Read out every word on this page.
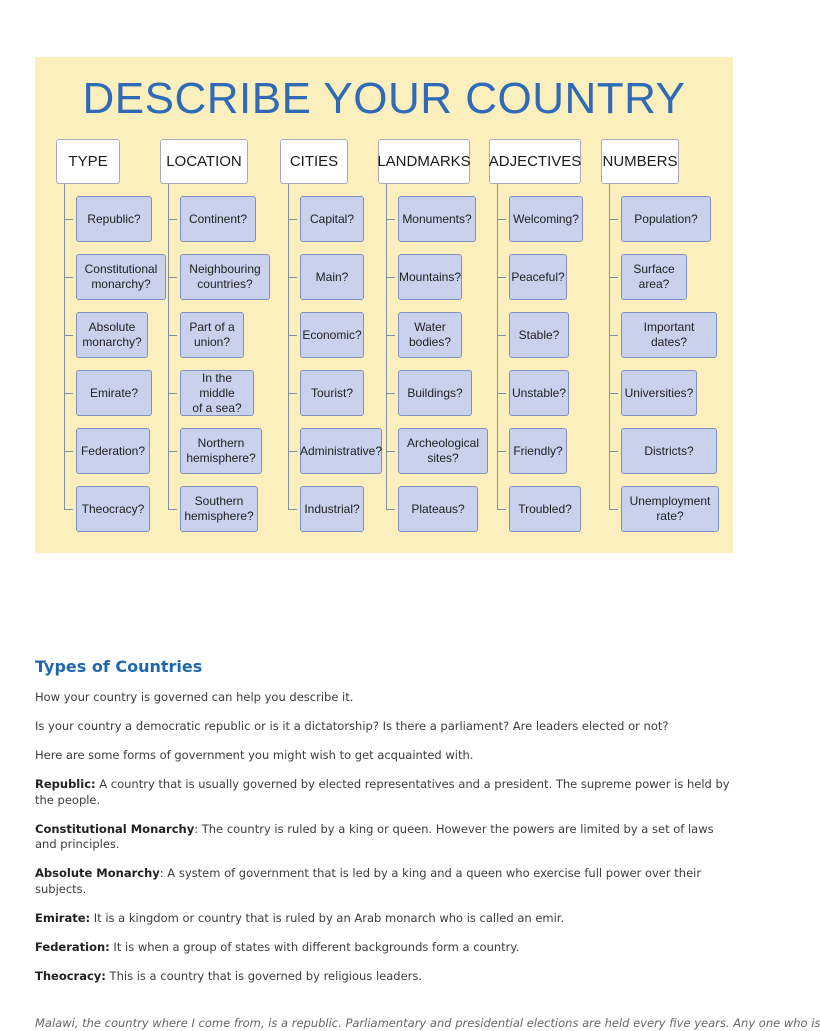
DESCRIBE YOUR COUNTRY
TYPE
Republic?
Constitutional
monarchy?
Absolute
monarchy?
Emirate?
Federation?
Theocracy?
LOCATION
Continent?
Neighbouring
countries?
Part of a
union?
In the middle
of a sea?
Northern
hemisphere?
Southern
hemisphere?
CITIES
Capital?
Main?
Economic?
Tourist?
Administrative?
Industrial?
LANDMARKS
Monuments?
Mountains?
Water
bodies?
Buildings?
Archeological
sites?
Plateaus?
ADJECTIVES
Welcoming?
Peaceful?
Stable?
Unstable?
Friendly?
Troubled?
NUMBERS
Population?
Surface
area?
Important dates?
Universities?
Districts?
Unemployment
rate?
Types of Countries

How your country is governed can help you describe it.

Is your country a democratic republic or is it a dictatorship? Is there a parliament? Are leaders elected or not?

Here are some forms of government you might wish to get acquainted with.

Republic: A country that is usually governed by elected representatives and a president. The supreme power is held by the people.

Constitutional Monarchy: The country is ruled by a king or queen. However the powers are limited by a set of laws and principles.

Absolute Monarchy: A system of government that is led by a king and a queen who exercise full power over their subjects.

Emirate: It is a kingdom or country that is ruled by an Arab monarch who is called an emir.

Federation: It is when a group of states with different backgrounds form a country.

Theocracy: This is a country that is governed by religious leaders.

Malawi, the country where I come from, is a republic. Parliamentary and presidential elections are held every five years. Any one who is
